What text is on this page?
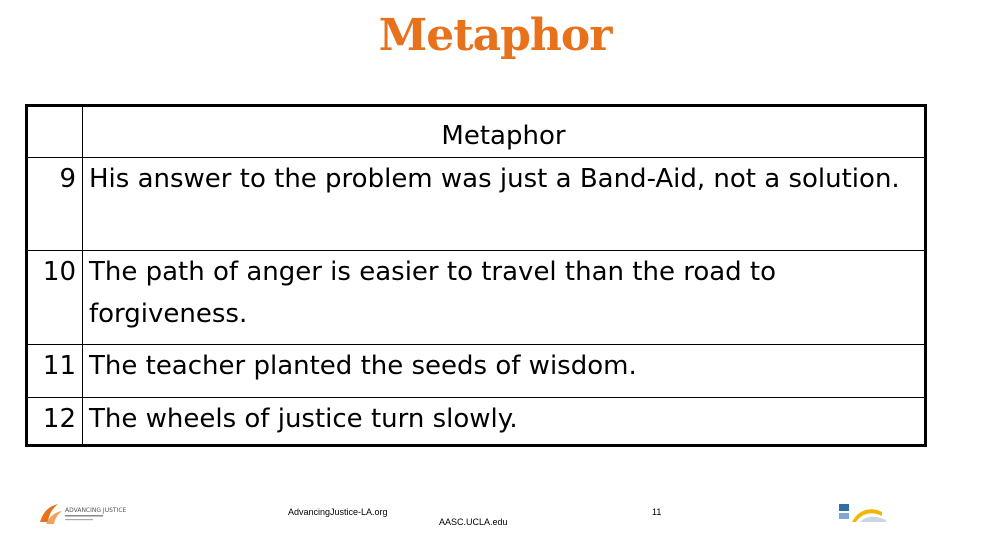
Metaphor
	Metaphor
9	His answer to the problem was just a Band-Aid, not a solution.
10	The path of anger is easier to travel than the road to forgiveness.
11	The teacher planted the seeds of wisdom.
12	The wheels of justice turn slowly.
ADVANCING JUSTICE	AdvancingJustice-LA.org
AASC.UCLA.edu
11
